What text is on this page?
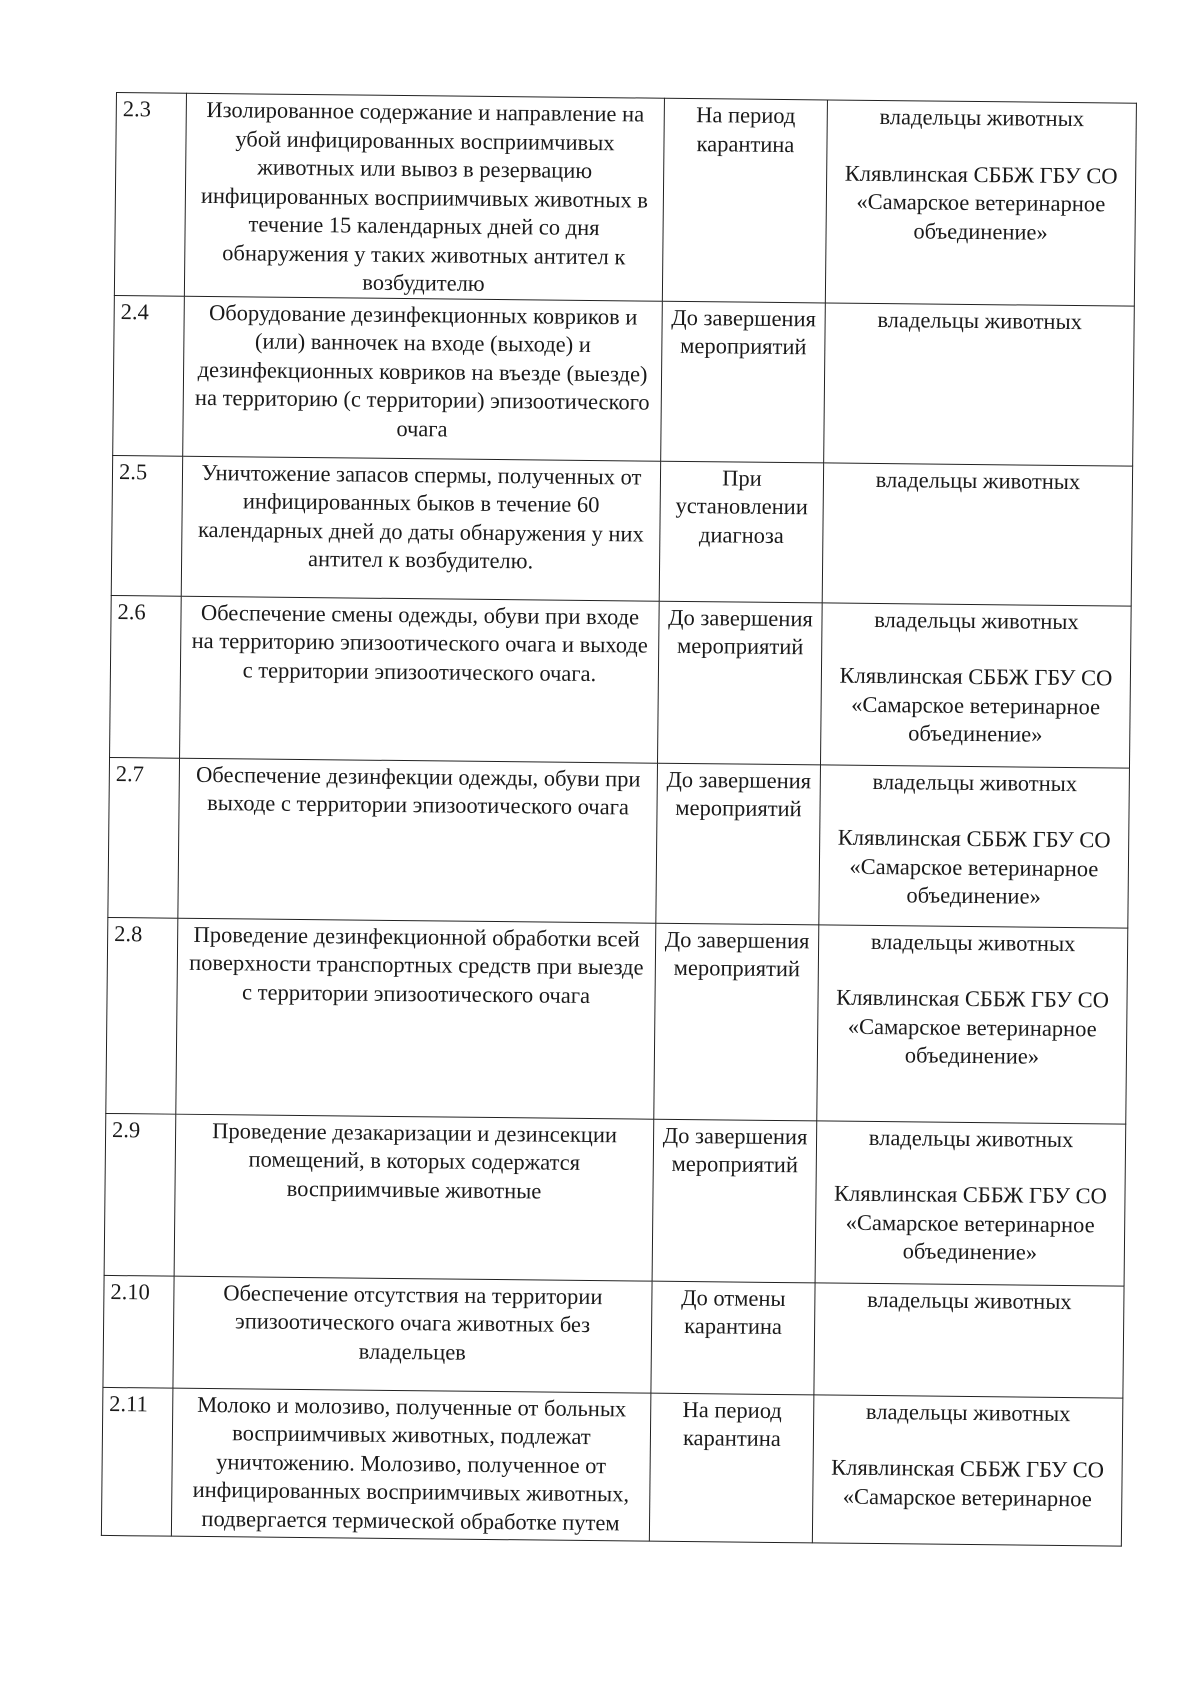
2.3	Изолированное содержание и направление на убой инфицированных восприимчивых животных или вывоз в резервацию инфицированных восприимчивых животных в течение 15 календарных дней со дня обнаружения у таких животных антител к возбудителю	На период карантина	владельцы животных
Клявлинская СББЖ ГБУ СО «Самарское ветеринарное объединение»

2.4	Оборудование дезинфекционных ковриков и (или) ванночек на входе (выходе) и дезинфекционных ковриков на въезде (выезде) на территорию (с территории) эпизоотического очага	До завершения мероприятий	владельцы животных

2.5	Уничтожение запасов спермы, полученных от инфицированных быков в течение 60 календарных дней до даты обнаружения у них антител к возбудителю.	При установлении диагноза	владельцы животных

2.6	Обеспечение смены одежды, обуви при входе на территорию эпизоотического очага и выходе с территории эпизоотического очага.	До завершения мероприятий	владельцы животных
Клявлинская СББЖ ГБУ СО «Самарское ветеринарное объединение»

2.7	Обеспечение дезинфекции одежды, обуви при выходе с территории эпизоотического очага	До завершения мероприятий	владельцы животных
Клявлинская СББЖ ГБУ СО «Самарское ветеринарное объединение»

2.8	Проведение дезинфекционной обработки всей поверхности транспортных средств при выезде с территории эпизоотического очага	До завершения мероприятий	владельцы животных
Клявлинская СББЖ ГБУ СО «Самарское ветеринарное объединение»

2.9	Проведение дезакаризации и дезинсекции помещений, в которых содержатся восприимчивые животные	До завершения мероприятий	владельцы животных
Клявлинская СББЖ ГБУ СО «Самарское ветеринарное объединение»

2.10	Обеспечение отсутствия на территории эпизоотического очага животных без владельцев	До отмены карантина	владельцы животных

2.11	Молоко и молозиво, полученные от больных восприимчивых животных, подлежат уничтожению. Молозиво, полученное от инфицированных восприимчивых животных, подвергается термической обработке путем	На период карантина	владельцы животных
Клявлинская СББЖ ГБУ СО «Самарское ветеринарное
